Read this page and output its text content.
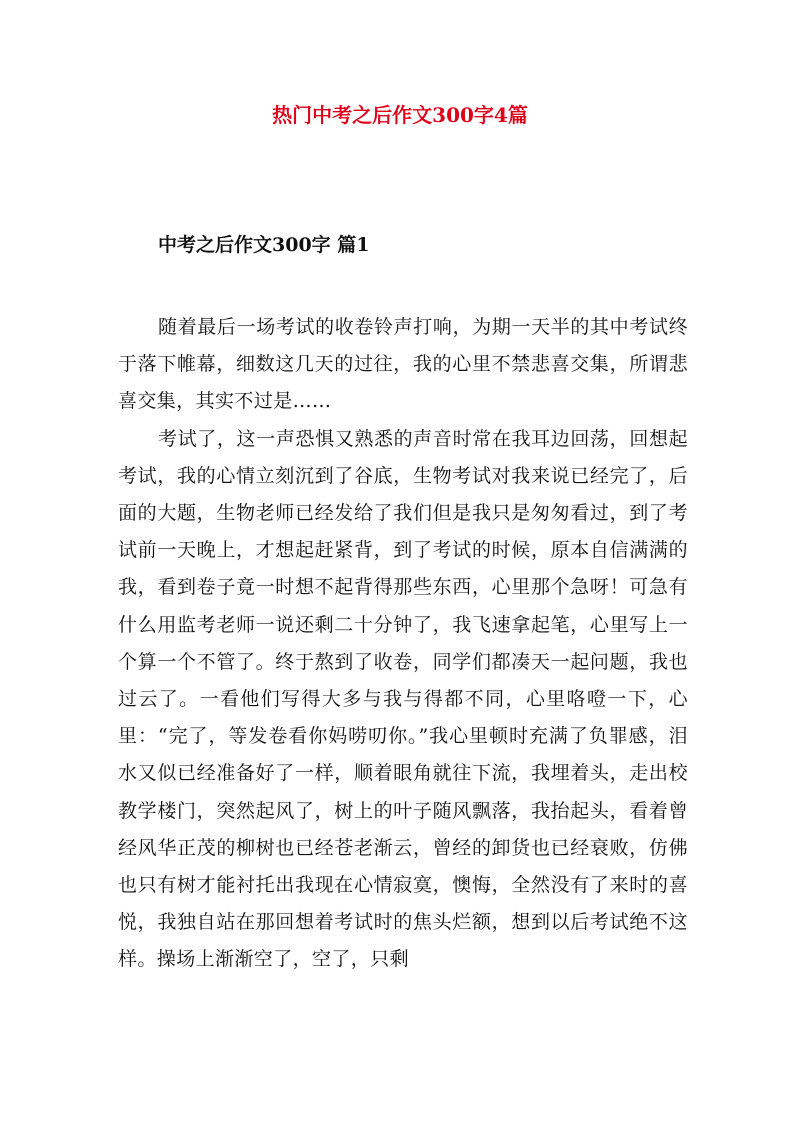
热门中考之后作文300字4篇
中考之后作文300字 篇1

随着最后一场考试的收卷铃声打响，为期一天半的其中考试终于落下帷幕，细数这几天的过往，我的心里不禁悲喜交集，所谓悲喜交集，其实不过是……

考试了，这一声恐惧又熟悉的声音时常在我耳边回荡，回想起考试，我的心情立刻沉到了谷底，生物考试对我来说已经完了，后面的大题，生物老师已经发给了我们但是我只是匆匆看过，到了考试前一天晚上，才想起赶紧背，到了考试的时候，原本自信满满的我，看到卷子竟一时想不起背得那些东西，心里那个急呀！可急有什么用监考老师一说还剩二十分钟了，我飞速拿起笔，心里写上一个算一个不管了。终于熬到了收卷，同学们都凑天一起问题，我也过云了。一看他们写得大多与我与得都不同，心里咯噔一下，心里：“完了，等发卷看你妈唠叨你。”我心里顿时充满了负罪感，泪水又似已经准备好了一样，顺着眼角就往下流，我埋着头，走出校教学楼门，突然起风了，树上的叶子随风飘落，我抬起头，看着曾经风华正茂的柳树也已经苍老渐云，曾经的卸货也已经衰败，仿佛也只有树才能衬托出我现在心情寂寞，懊悔，全然没有了来时的喜悦，我独自站在那回想着考试时的焦头烂额，想到以后考试绝不这样。操场上渐渐空了，空了，只剩
